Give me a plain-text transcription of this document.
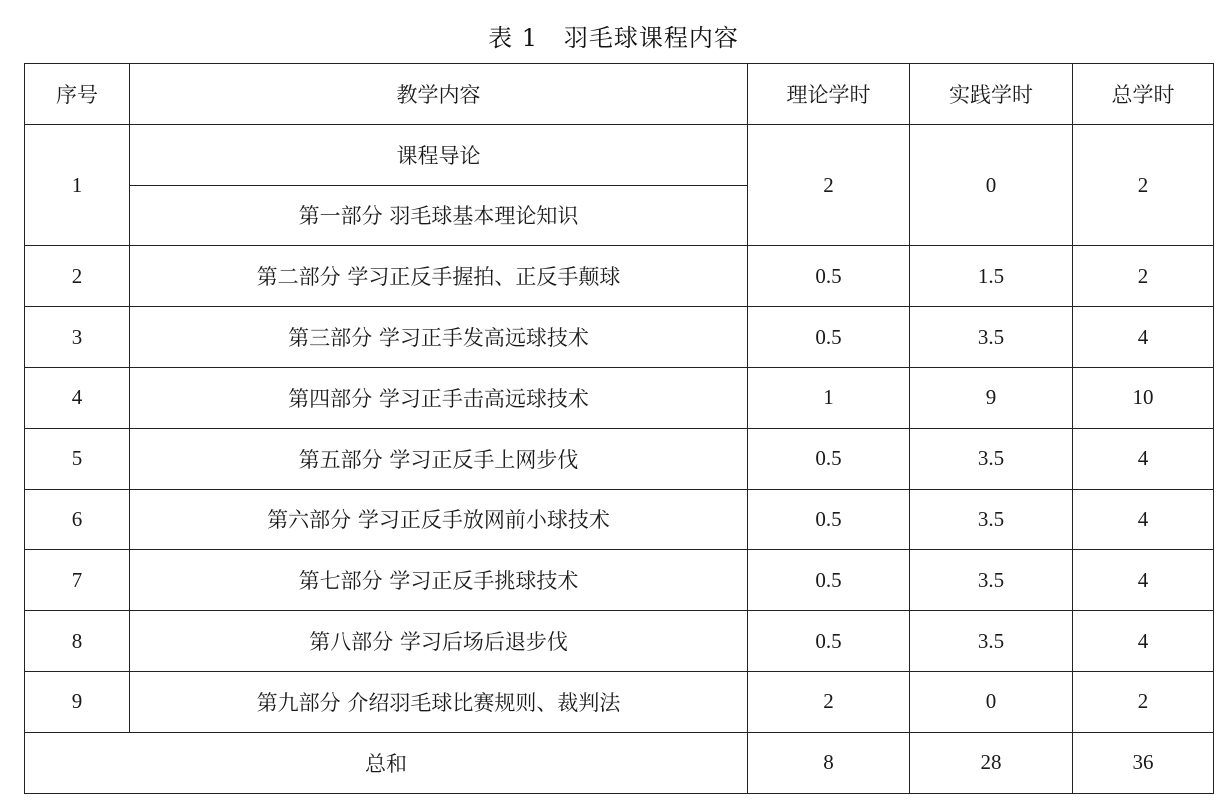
表 1   羽毛球课程内容
序号	教学内容	理论学时	实践学时	总学时
1	课程导论	2	0	2
	第一部分 羽毛球基本理论知识			
2	第二部分 学习正反手握拍、正反手颠球	0.5	1.5	2
3	第三部分 学习正手发高远球技术	0.5	3.5	4
4	第四部分 学习正手击高远球技术	1	9	10
5	第五部分 学习正反手上网步伐	0.5	3.5	4
6	第六部分 学习正反手放网前小球技术	0.5	3.5	4
7	第七部分 学习正反手挑球技术	0.5	3.5	4
8	第八部分 学习后场后退步伐	0.5	3.5	4
9	第九部分 介绍羽毛球比赛规则、裁判法	2	0	2
总和		8	28	36
